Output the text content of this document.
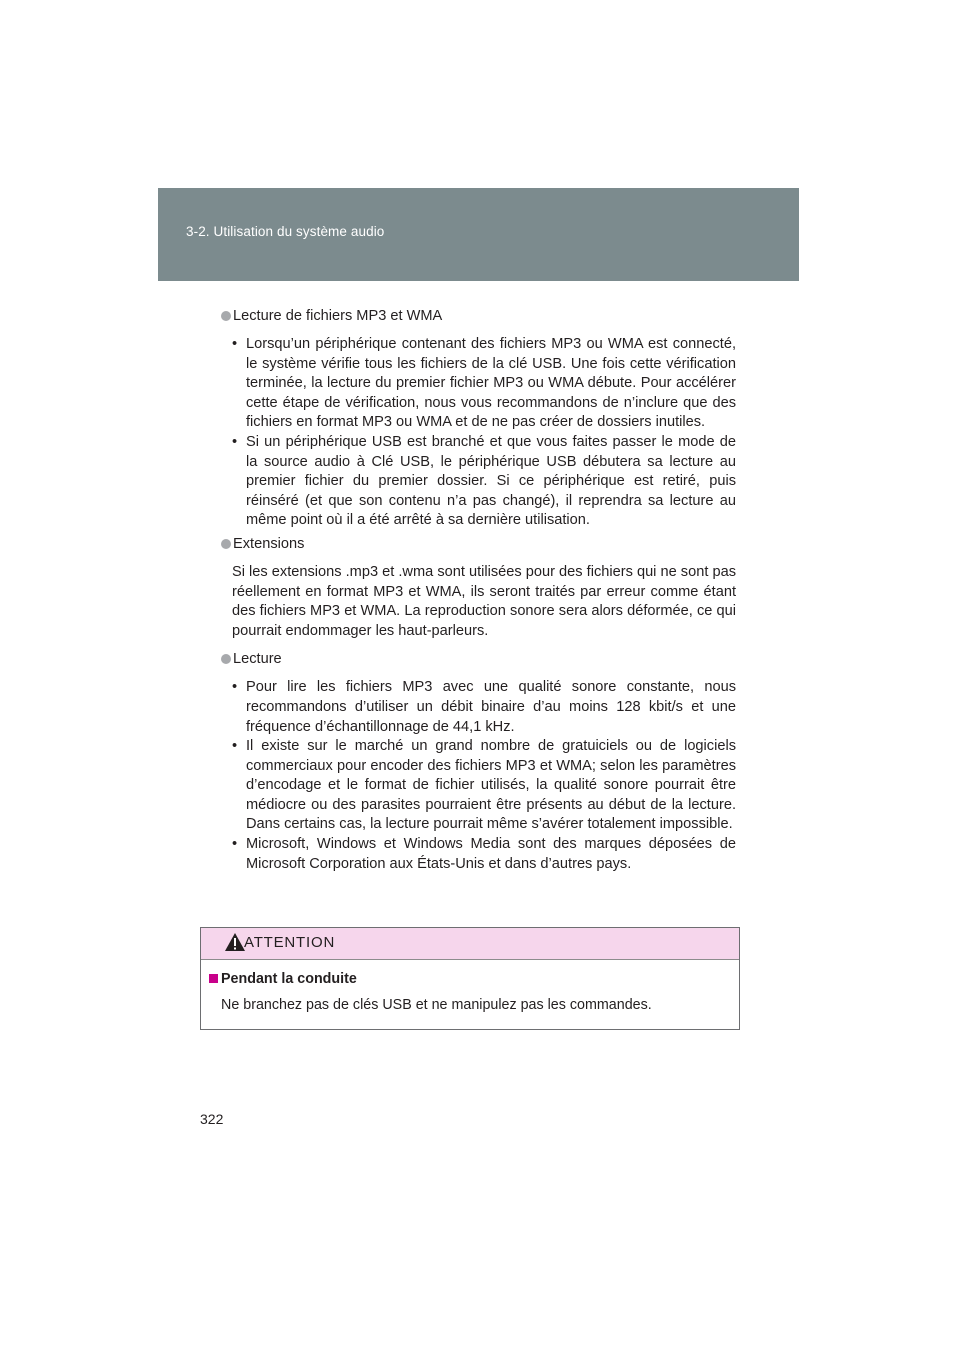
3-2. Utilisation du système audio
Lecture de fichiers MP3 et WMA
• Lorsqu’un périphérique contenant des fichiers MP3 ou WMA est connecté, le système vérifie tous les fichiers de la clé USB. Une fois cette vérification terminée, la lecture du premier fichier MP3 ou WMA débute. Pour accélérer cette étape de vérification, nous vous recommandons de n’inclure que des fichiers en format MP3 ou WMA et de ne pas créer de dossiers inutiles.
• Si un périphérique USB est branché et que vous faites passer le mode de la source audio à Clé USB, le périphérique USB débutera sa lecture au premier fichier du premier dossier. Si ce périphérique est retiré, puis réinséré (et que son contenu n’a pas changé), il reprendra sa lecture au même point où il a été arrêté à sa dernière utilisation.
Extensions
Si les extensions .mp3 et .wma sont utilisées pour des fichiers qui ne sont pas réellement en format MP3 et WMA, ils seront traités par erreur comme étant des fichiers MP3 et WMA. La reproduction sonore sera alors déformée, ce qui pourrait endommager les haut-parleurs.
Lecture
• Pour lire les fichiers MP3 avec une qualité sonore constante, nous recommandons d’utiliser un débit binaire d’au moins 128 kbit/s et une fréquence d’échantillonnage de 44,1 kHz.
• Il existe sur le marché un grand nombre de gratuiciels ou de logiciels commerciaux pour encoder des fichiers MP3 et WMA; selon les paramètres d’encodage et le format de fichier utilisés, la qualité sonore pourrait être médiocre ou des parasites pourraient être présents au début de la lecture. Dans certains cas, la lecture pourrait même s’avérer totalement impossible.
• Microsoft, Windows et Windows Media sont des marques déposées de Microsoft Corporation aux États-Unis et dans d’autres pays.
ATTENTION
Pendant la conduite
Ne branchez pas de clés USB et ne manipulez pas les commandes.
322
